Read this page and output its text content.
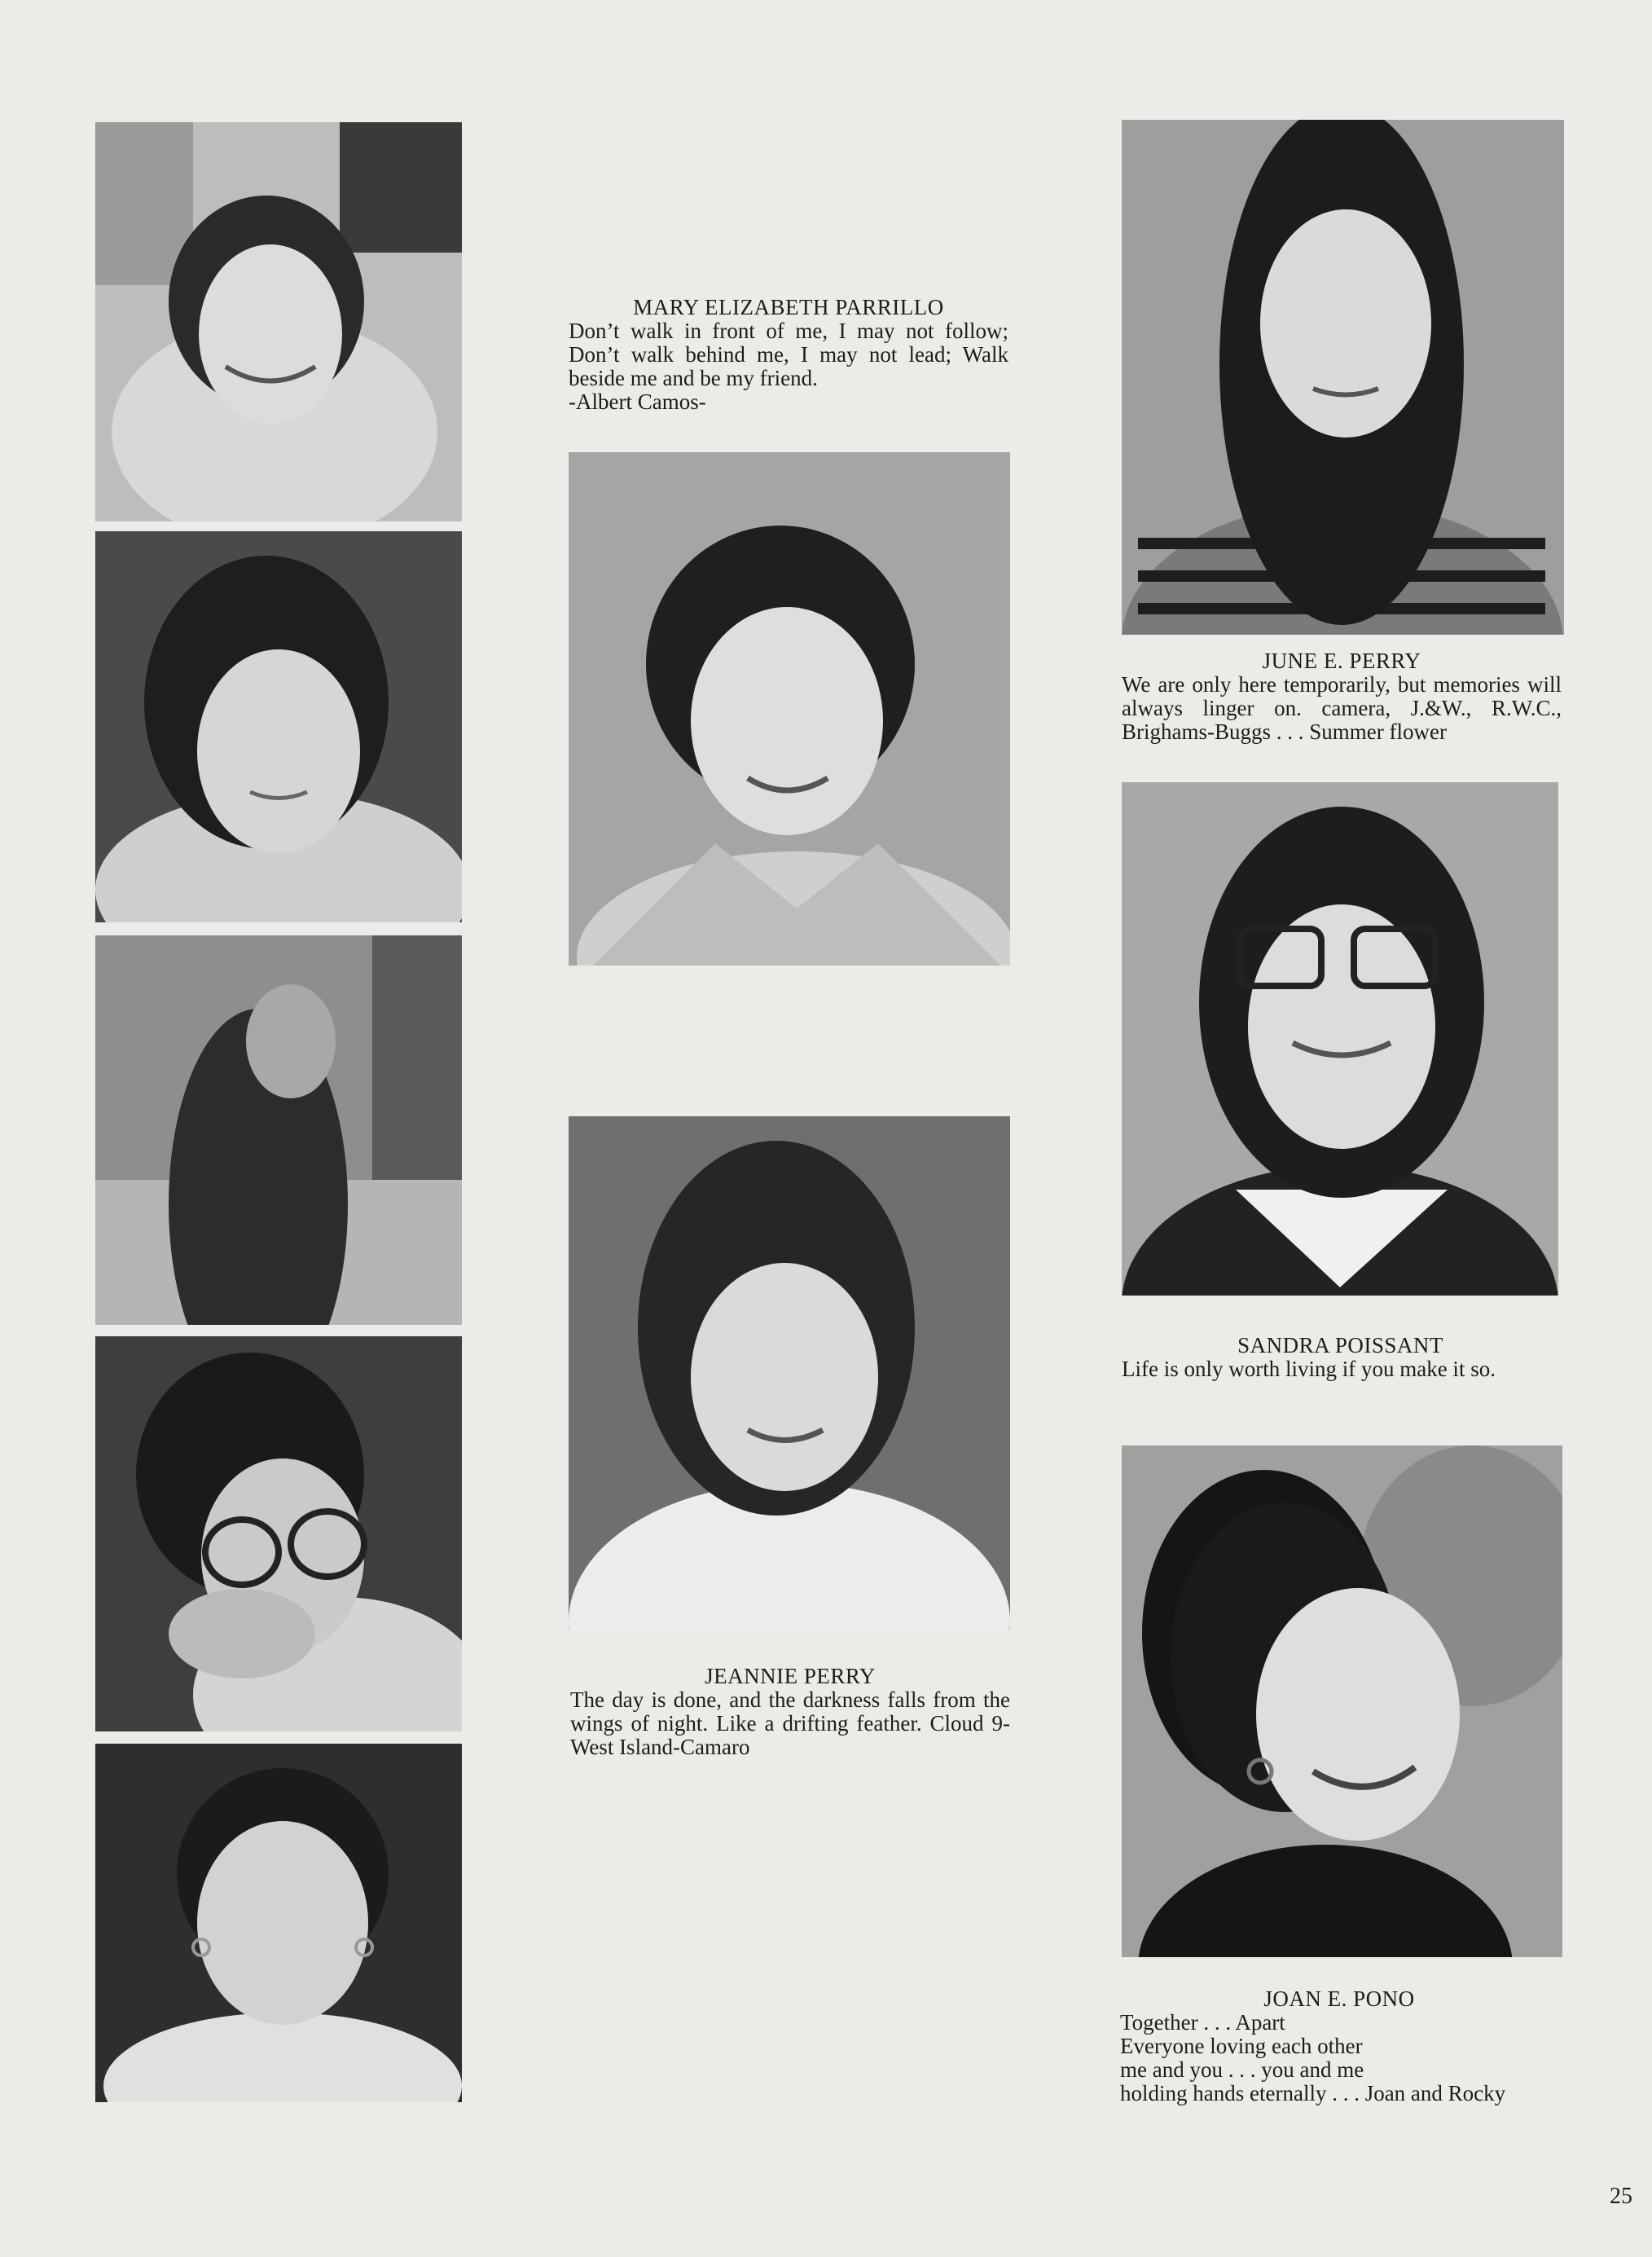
MARY ELIZABETH PARRILLO
Don’t walk in front of me, I may not follow; Don’t walk behind me, I may not lead; Walk beside me and be my friend.
-Albert Camos-
JEANNIE PERRY
The day is done, and the darkness falls from the wings of night. Like a drifting feather. Cloud 9-West Island-Camaro
JUNE E. PERRY
We are only here temporarily, but memories will always linger on. camera, J.&W., R.W.C., Brighams-Buggs . . . Summer flower
SANDRA POISSANT
Life is only worth living if you make it so.
JOAN E. PONO
Together . . . Apart
Everyone loving each other
me and you . . . you and me
holding hands eternally . . . Joan and Rocky
25
